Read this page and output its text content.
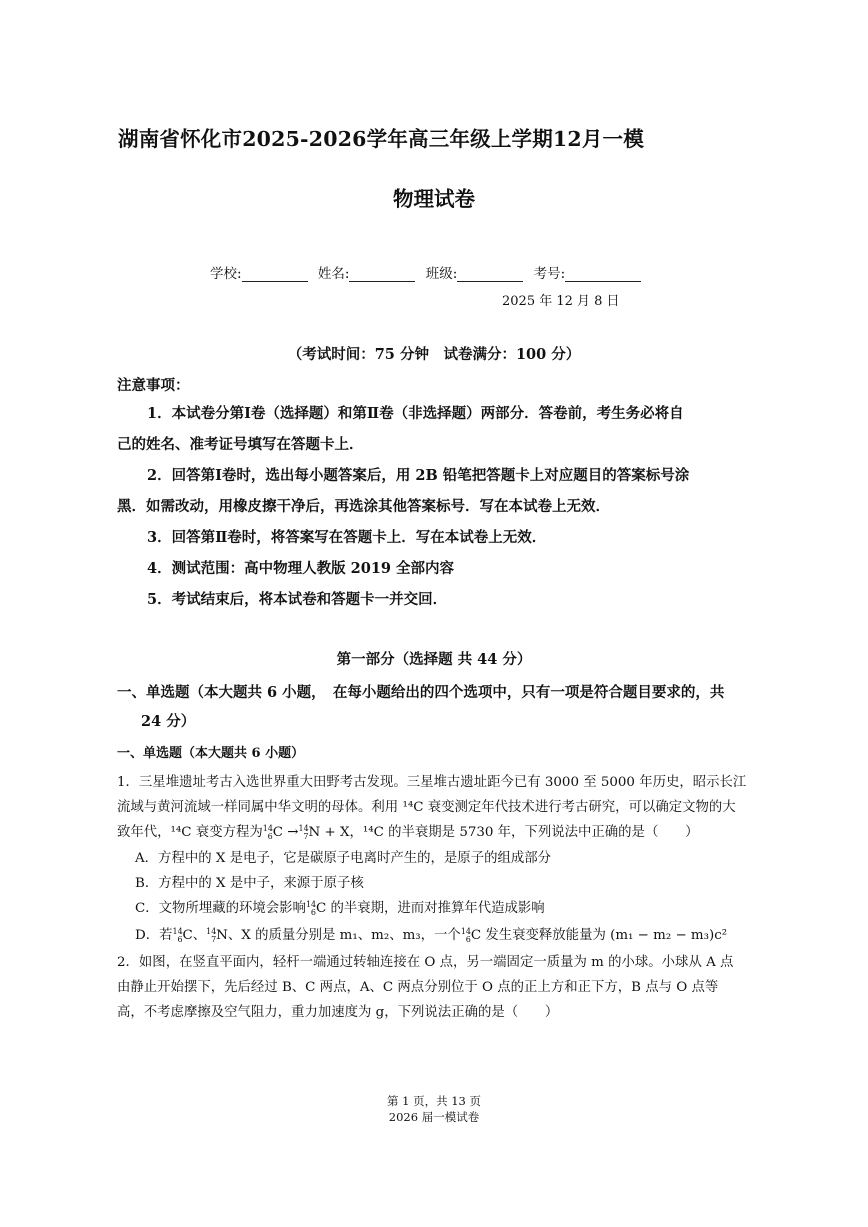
湖南省怀化市2025-2026学年高三年级上学期12月一模
物理试卷
学校:	姓名:	班级:	考号:
2025 年 12 月 8 日
（考试时间：75 分钟　试卷满分：100 分）
注意事项：
1．本试卷分第Ⅰ卷（选择题）和第Ⅱ卷（非选择题）两部分．答卷前，考生务必将自
己的姓名、准考证号填写在答题卡上．
2．回答第Ⅰ卷时，选出每小题答案后，用 2B 铅笔把答题卡上对应题目的答案标号涂
黑．如需改动，用橡皮擦干净后，再选涂其他答案标号．写在本试卷上无效．
3．回答第Ⅱ卷时，将答案写在答题卡上．写在本试卷上无效．
4．测试范围：高中物理人教版 2019 全部内容
5．考试结束后，将本试卷和答题卡一并交回．
第一部分（选择题 共 44 分）
一、单选题（本大题共 6 小题，　在每小题给出的四个选项中，只有一项是符合题目要求的，共
24 分）
一、单选题（本大题共 6 小题）
1．三星堆遗址考古入选世界重大田野考古发现。三星堆古遗址距今已有 3000 至 5000 年历史，昭示长江
流域与黄河流域一样同属中华文明的母体。利用 ¹⁴C 衰变测定年代技术进行考古研究，可以确定文物的大
致年代，¹⁴C 衰变方程为 14
6 C → 14
7 N + X，¹⁴C 的半衰期是 5730 年，下列说法中正确的是（　　）
A．方程中的 X 是电子，它是碳原子电离时产生的，是原子的组成部分
B．方程中的 X 是中子，来源于原子核
C．文物所埋藏的环境会影响 14
6 C 的半衰期，进而对推算年代造成影响
D．若 14
6 C、 14
7 N、X 的质量分别是 m₁、m₂、m₃，一个 14
6 C 发生衰变释放能量为 (m₁ − m₂ − m₃)c²
2．如图，在竖直平面内，轻杆一端通过转轴连接在 O 点，另一端固定一质量为 m 的小球。小球从 A 点
由静止开始摆下，先后经过 B、C 两点，A、C 两点分别位于 O 点的正上方和正下方，B 点与 O 点等
高，不考虑摩擦及空气阻力，重力加速度为 g，下列说法正确的是（　　）
第 1 页，共 13 页
2026 届一模试卷
